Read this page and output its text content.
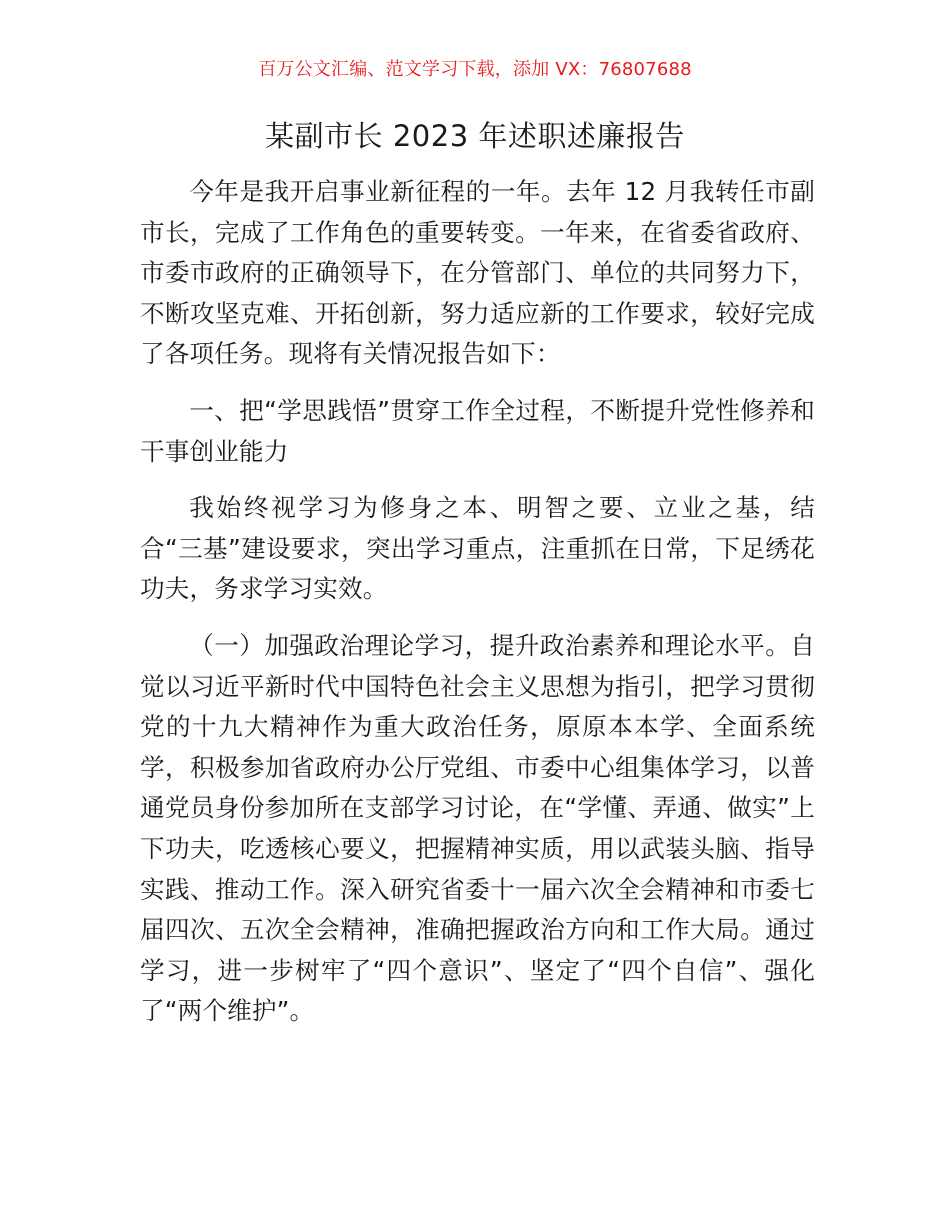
百万公文汇编、范文学习下载，添加 VX：76807688
某副市长 2023 年述职述廉报告

今年是我开启事业新征程的一年。去年 12 月我转任市副市长，完成了工作角色的重要转变。一年来，在省委省政府、市委市政府的正确领导下，在分管部门、单位的共同努力下，不断攻坚克难、开拓创新，努力适应新的工作要求，较好完成了各项任务。现将有关情况报告如下：

一、把“学思践悟”贯穿工作全过程，不断提升党性修养和干事创业能力

我始终视学习为修身之本、明智之要、立业之基，结合“三基”建设要求，突出学习重点，注重抓在日常，下足绣花功夫，务求学习实效。

（一）加强政治理论学习，提升政治素养和理论水平。自觉以习近平新时代中国特色社会主义思想为指引，把学习贯彻党的十九大精神作为重大政治任务，原原本本学、全面系统学，积极参加省政府办公厅党组、市委中心组集体学习，以普通党员身份参加所在支部学习讨论，在“学懂、弄通、做实”上下功夫，吃透核心要义，把握精神实质，用以武装头脑、指导实践、推动工作。深入研究省委十一届六次全会精神和市委七届四次、五次全会精神，准确把握政治方向和工作大局。通过学习，进一步树牢了“四个意识”、坚定了“四个自信”、强化了“两个维护”。
